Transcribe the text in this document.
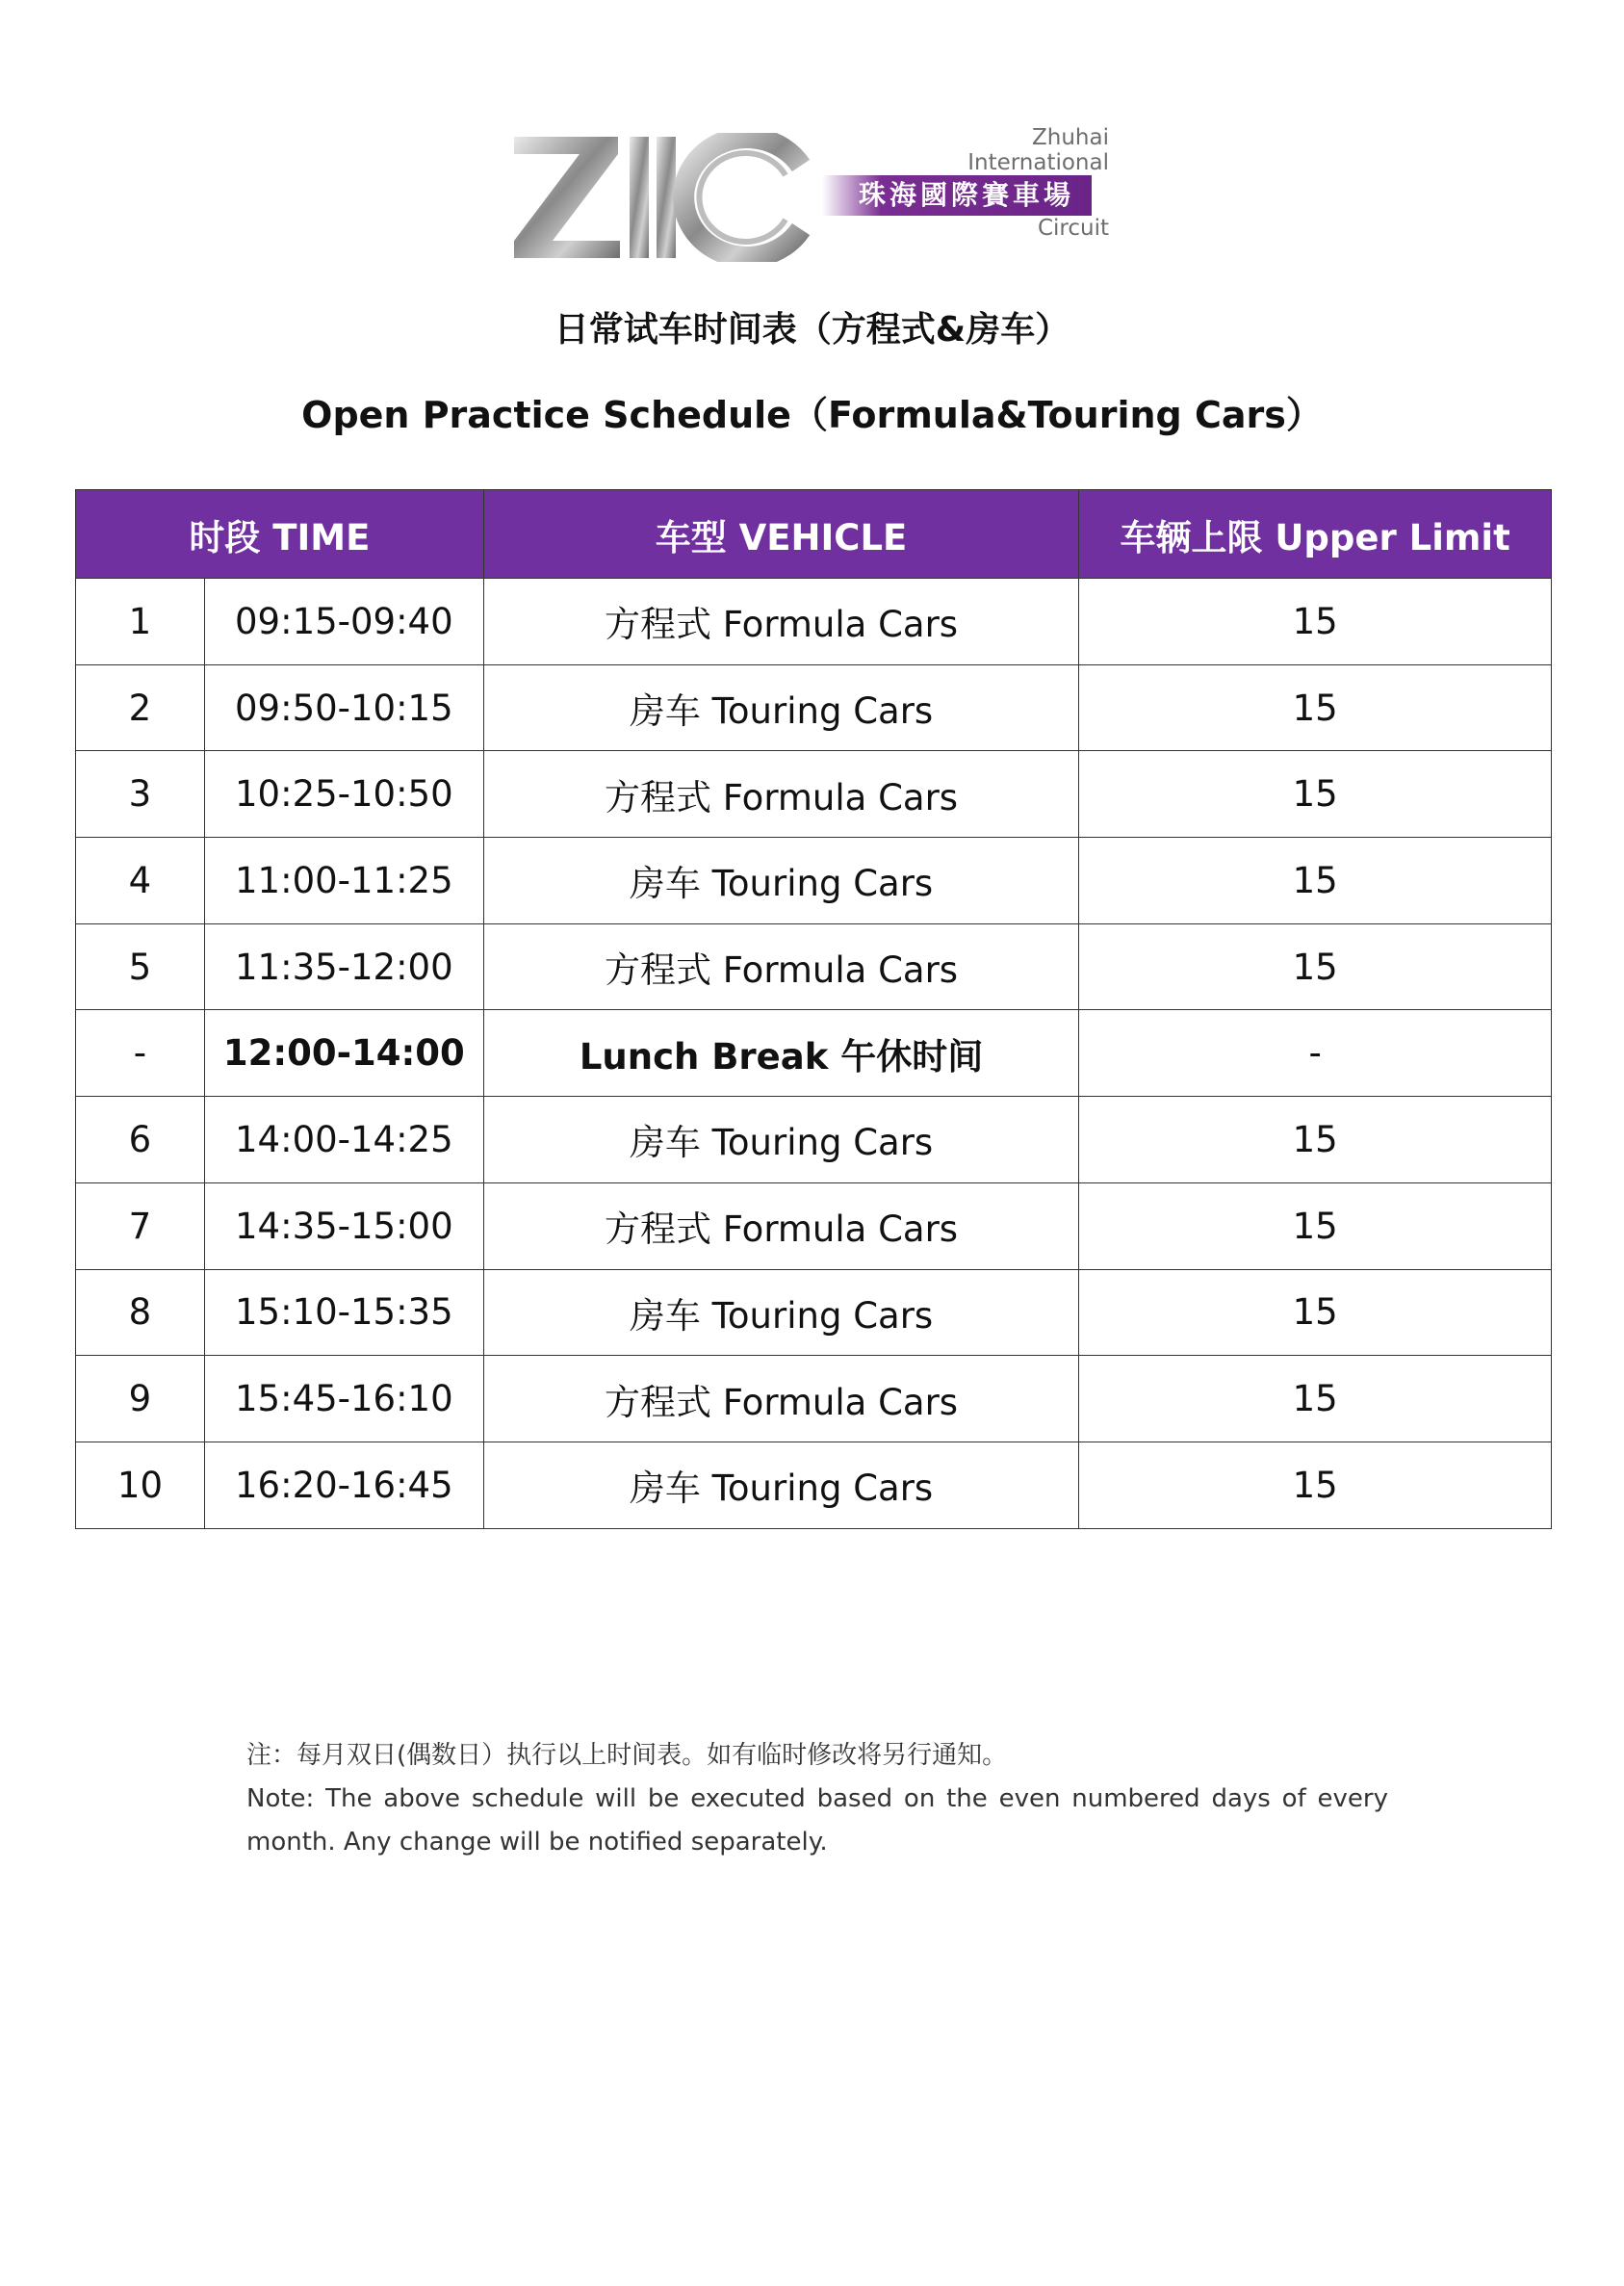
Zhuhai
International
珠海國際賽車場
Circuit
日常试车时间表（方程式&房车）
Open Practice Schedule（Formula&Touring Cars）
时段 TIME		车型 VEHICLE	车辆上限 Upper Limit
1	09:15-09:40	方程式 Formula Cars	15
2	09:50-10:15	房车 Touring Cars	15
3	10:25-10:50	方程式 Formula Cars	15
4	11:00-11:25	房车 Touring Cars	15
5	11:35-12:00	方程式 Formula Cars	15
-	12:00-14:00	Lunch Break 午休时间	-
6	14:00-14:25	房车 Touring Cars	15
7	14:35-15:00	方程式 Formula Cars	15
8	15:10-15:35	房车 Touring Cars	15
9	15:45-16:10	方程式 Formula Cars	15
10	16:20-16:45	房车 Touring Cars	15
注：每月双日(偶数日）执行以上时间表。如有临时修改将另行通知。
Note: The above schedule will be executed based on the even numbered days of every month. Any change will be notified separately.
